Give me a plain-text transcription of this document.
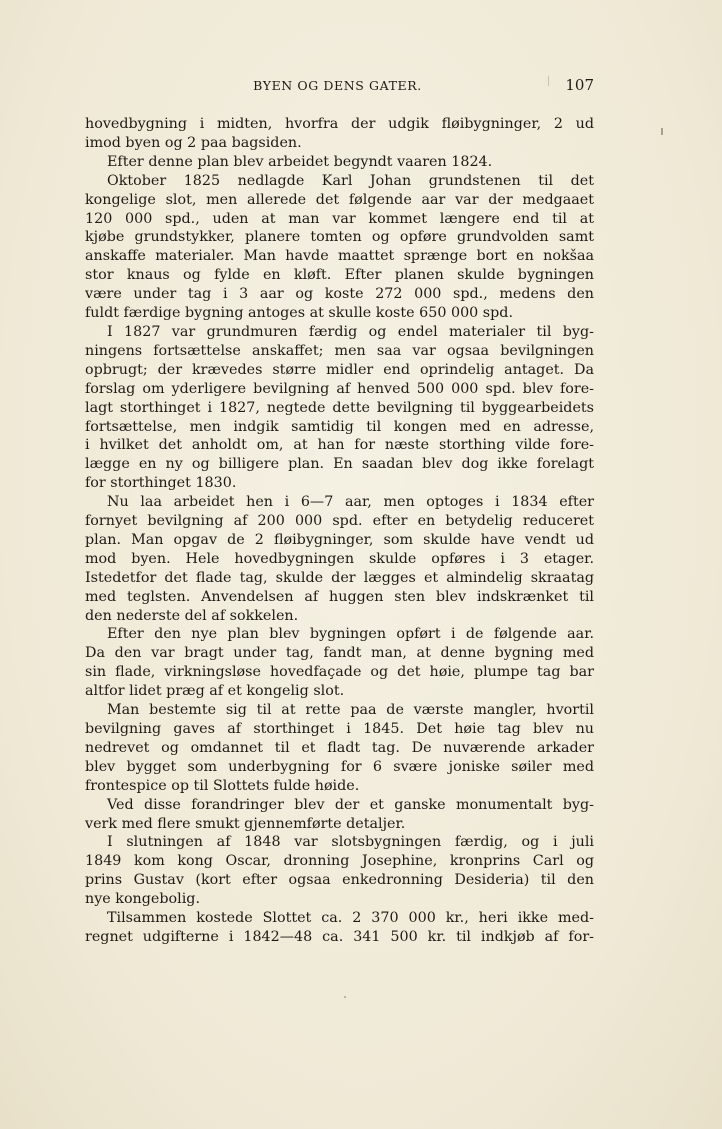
BYEN OG DENS GATER.	107

hovedbygning i midten, hvorfra der udgik fløibygninger, 2 ud
imod byen og 2 paa bagsiden.

Efter denne plan blev arbeidet begyndt vaaren 1824.

Oktober 1825 nedlagde Karl Johan grundstenen til det
kongelige slot, men allerede det følgende aar var der medgaaet
120 000 spd., uden at man var kommet længere end til at
kjøbe grundstykker, planere tomten og opføre grundvolden samt
anskaffe materialer. Man havde maattet sprænge bort en nokšaa
stor knaus og fylde en kløft. Efter planen skulde bygningen
være under tag i 3 aar og koste 272 000 spd., medens den
fuldt færdige bygning antoges at skulle koste 650 000 spd.

I 1827 var grundmuren færdig og endel materialer til byg-
ningens fortsættelse anskaffet; men saa var ogsaa bevilgningen
opbrugt; der krævedes større midler end oprindelig antaget. Da
forslag om yderligere bevilgning af henved 500 000 spd. blev fore-
lagt storthinget i 1827, negtede dette bevilgning til byggearbeidets
fortsættelse, men indgik samtidig til kongen med en adresse,
i hvilket det anholdt om, at han for næste storthing vilde fore-
lægge en ny og billigere plan. En saadan blev dog ikke forelagt
for storthinget 1830.

Nu laa arbeidet hen i 6—7 aar, men optoges i 1834 efter
fornyet bevilgning af 200 000 spd. efter en betydelig reduceret
plan. Man opgav de 2 fløibygninger, som skulde have vendt ud
mod byen. Hele hovedbygningen skulde opføres i 3 etager.
Istedetfor det flade tag, skulde der lægges et almindelig skraatag
med teglsten. Anvendelsen af huggen sten blev indskrænket til
den nederste del af sokkelen.

Efter den nye plan blev bygningen opført i de følgende aar.
Da den var bragt under tag, fandt man, at denne bygning med
sin flade, virkningsløse hovedfaçade og det høie, plumpe tag bar
altfor lidet præg af et kongelig slot.

Man bestemte sig til at rette paa de værste mangler, hvortil
bevilgning gaves af storthinget i 1845. Det høie tag blev nu
nedrevet og omdannet til et fladt tag. De nuværende arkader
blev bygget som underbygning for 6 svære joniske søiler med
frontespice op til Slottets fulde høide.

Ved disse forandringer blev der et ganske monumentalt byg-
verk med flere smukt gjennemførte detaljer.

I slutningen af 1848 var slotsbygningen færdig, og i juli
1849 kom kong Oscar, dronning Josephine, kronprins Carl og
prins Gustav (kort efter ogsaa enkedronning Desideria) til den
nye kongebolig.

Tilsammen kostede Slottet ca. 2 370 000 kr., heri ikke med-
regnet udgifterne i 1842—48 ca. 341 500 kr. til indkjøb af for-
